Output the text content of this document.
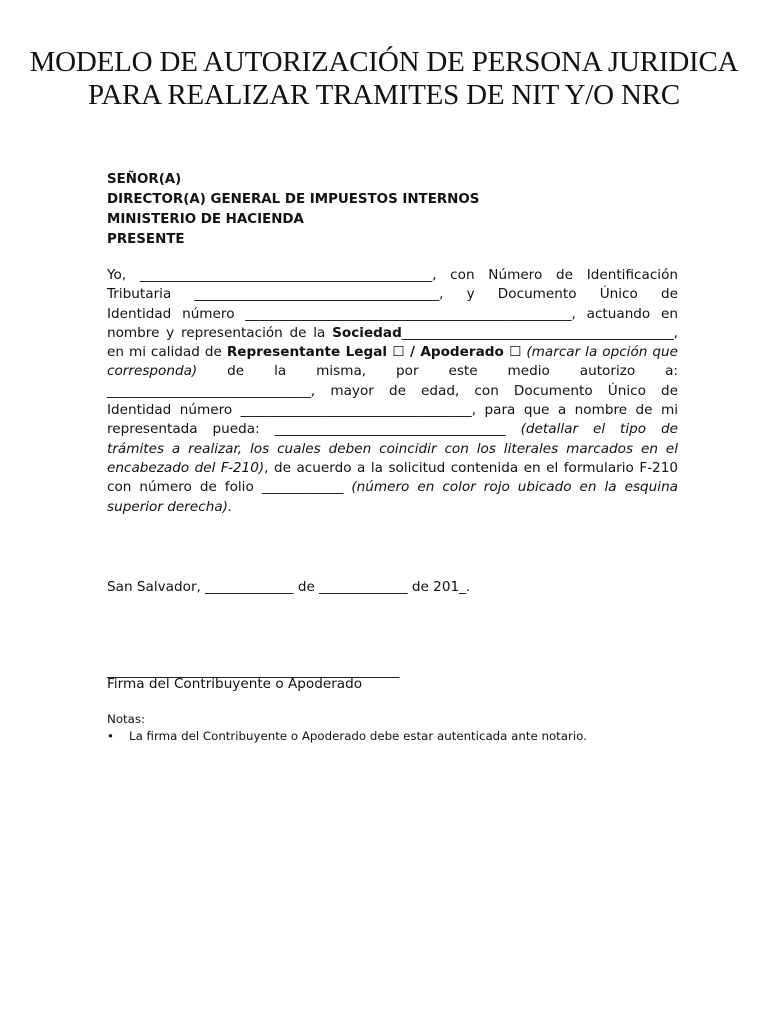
MODELO DE AUTORIZACIÓN DE PERSONA JURIDICA
PARA REALIZAR TRAMITES DE NIT Y/O NRC
SEÑOR(A)
DIRECTOR(A) GENERAL DE IMPUESTOS INTERNOS
MINISTERIO DE HACIENDA
PRESENTE
Yo, ___________________________________________, con Número de Identificación
Tributaria ____________________________________, y Documento Único de
Identidad número ________________________________________________, actuando en
nombre y representación de la Sociedad________________________________________,
en mi calidad de Representante Legal ☐ / Apoderado ☐ (marcar la opción que
corresponda) de la misma, por este medio autorizo a:
______________________________, mayor de edad, con Documento Único de
Identidad número __________________________________, para que a nombre de mi
representada pueda: __________________________________ (detallar el tipo de
trámites a realizar, los cuales deben coincidir con los literales marcados en el
encabezado del F-210), de acuerdo a la solicitud contenida en el formulario F-210
con número de folio ____________ (número en color rojo ubicado en la esquina
superior derecha).
San Salvador, _____________ de _____________ de 201_.
___________________________________________
Firma del Contribuyente o Apoderado
Notas:
• La firma del Contribuyente o Apoderado debe estar autenticada ante notario.
